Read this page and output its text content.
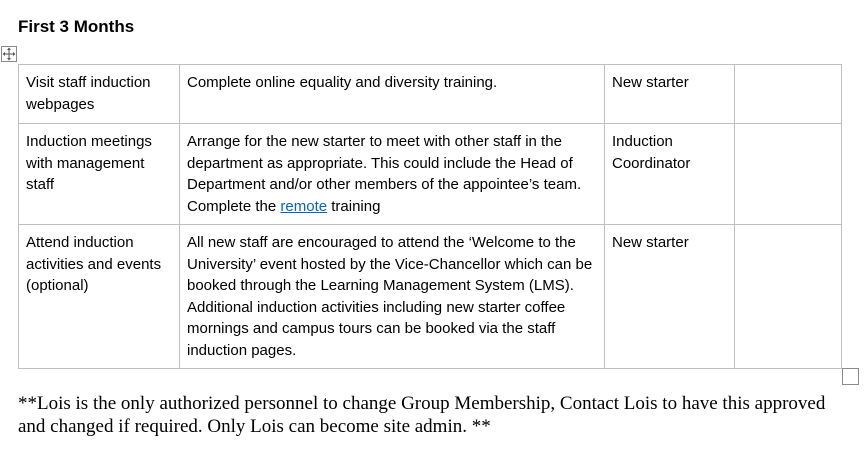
First 3 Months
Visit staff induction webpages	Complete online equality and diversity training.	New starter	
Induction meetings with management staff	Arrange for the new starter to meet with other staff in the department as appropriate. This could include the Head of Department and/or other members of the appointee’s team. Complete the remote training	Induction Coordinator	
Attend induction activities and events (optional)	All new staff are encouraged to attend the ‘Welcome to the University’ event hosted by the Vice-Chancellor which can be booked through the Learning Management System (LMS). Additional induction activities including new starter coffee mornings and campus tours can be booked via the staff induction pages.	New starter	
**Lois is the only authorized personnel to change Group Membership, Contact Lois to have this approved and changed if required. Only Lois can become site admin. **
